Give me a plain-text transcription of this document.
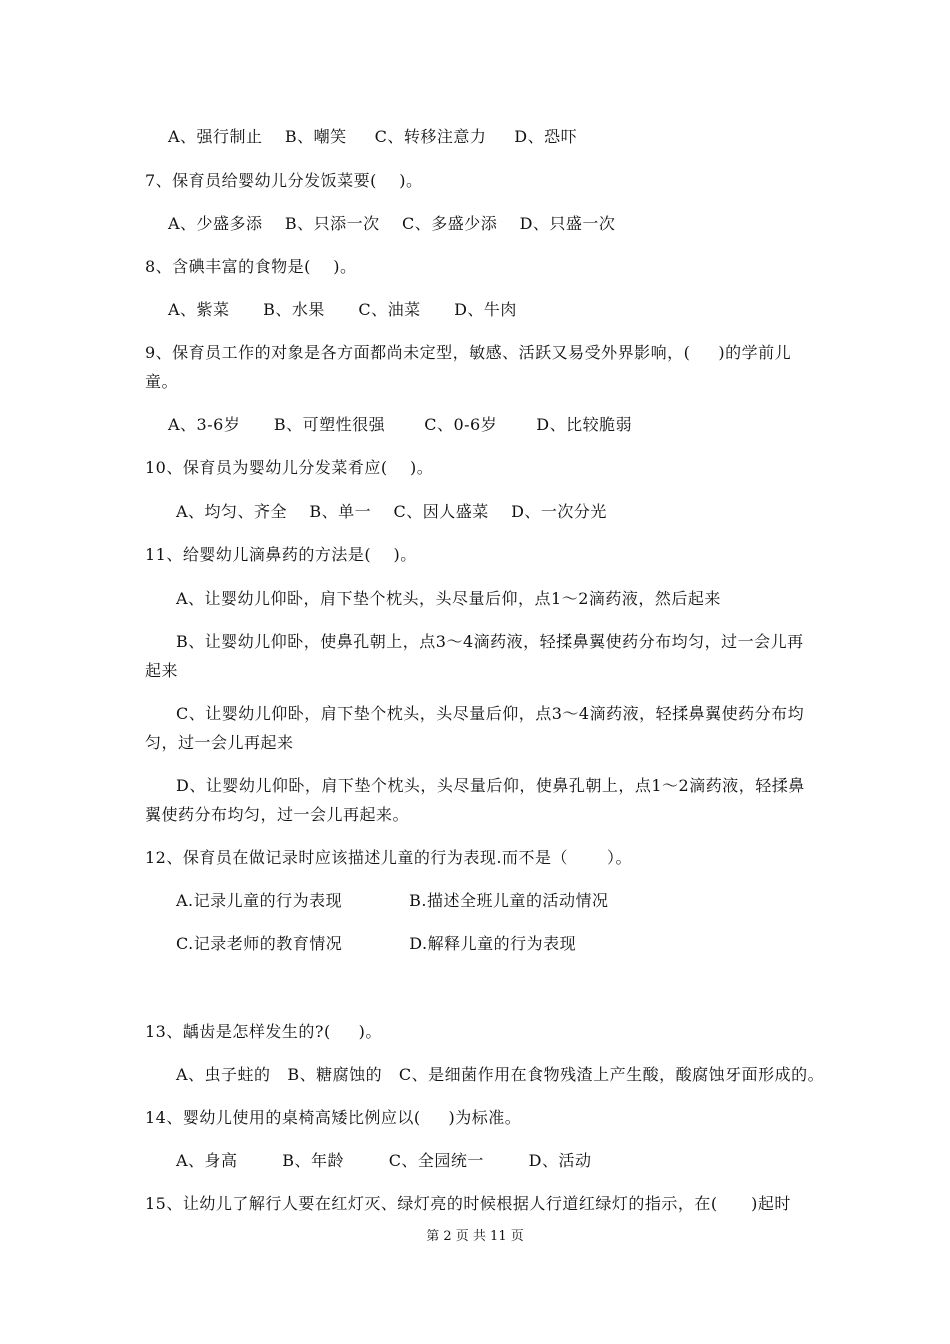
A、强行制止    B、嘲笑     C、转移注意力     D、恐吓
7、保育员给婴幼儿分发饭菜要(    )。
A、少盛多添    B、只添一次    C、多盛少添    D、只盛一次
8、含碘丰富的食物是(    )。
A、紫菜      B、水果      C、油菜      D、牛肉
9、保育员工作的对象是各方面都尚未定型，敏感、活跃又易受外界影响，(     )的学前儿
童。
A、3-6岁      B、可塑性很强       C、0-6岁       D、比较脆弱
10、保育员为婴幼儿分发菜肴应(    )。
A、均匀、齐全    B、单一    C、因人盛菜    D、一次分光
11、给婴幼儿滴鼻药的方法是(    )。
A、让婴幼儿仰卧，肩下垫个枕头，头尽量后仰，点1～2滴药液，然后起来
B、让婴幼儿仰卧，使鼻孔朝上，点3～4滴药液，轻揉鼻翼使药分布均匀，过一会儿再
起来
C、让婴幼儿仰卧，肩下垫个枕头，头尽量后仰，点3～4滴药液，轻揉鼻翼使药分布均
匀，过一会儿再起来
D、让婴幼儿仰卧，肩下垫个枕头，头尽量后仰，使鼻孔朝上，点1～2滴药液，轻揉鼻
翼使药分布均匀，过一会儿再起来。
12、保育员在做记录时应该描述儿童的行为表现.而不是（       ）。
A.记录儿童的行为表现            B.描述全班儿童的活动情况
C.记录老师的教育情况            D.解释儿童的行为表现
13、龋齿是怎样发生的?(     )。
A、虫子蛀的   B、糖腐蚀的   C、是细菌作用在食物残渣上产生酸，酸腐蚀牙面形成的。
14、婴幼儿使用的桌椅高矮比例应以(     )为标准。
A、身高        B、年龄        C、全园统一        D、活动
15、让幼儿了解行人要在红灯灭、绿灯亮的时候根据人行道红绿灯的指示，在(      )起时
第 2 页 共 11 页
